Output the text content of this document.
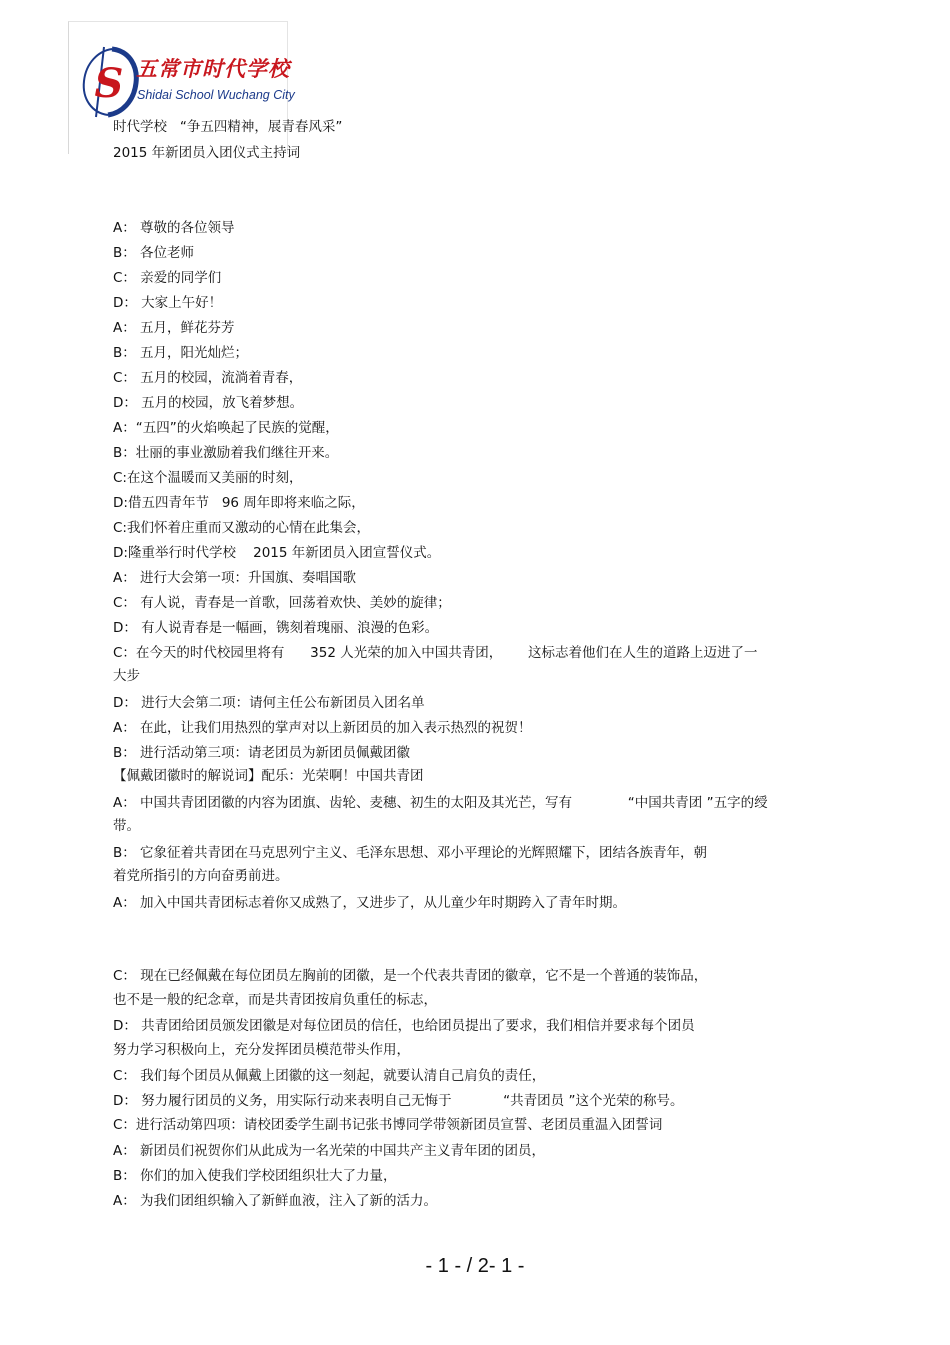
S 五常市时代学校
Shidai School Wuchang City
时代学校   “争五四精神，展青春风采”
2015 年新团员入团仪式主持词
A： 尊敬的各位领导
B： 各位老师
C： 亲爱的同学们
D： 大家上午好！
A： 五月，鲜花芬芳
B： 五月，阳光灿烂；
C： 五月的校园，流淌着青春，
D： 五月的校园，放飞着梦想。
A：“五四”的火焰唤起了民族的觉醒，
B：壮丽的事业激励着我们继往开来。
C:在这个温暖而又美丽的时刻，
D:借五四青年节   96 周年即将来临之际，
C:我们怀着庄重而又激动的心情在此集会，
D:隆重举行时代学校    2015 年新团员入团宣誓仪式。
A： 进行大会第一项：升国旗、奏唱国歌
C： 有人说，青春是一首歌，回荡着欢快、美妙的旋律；
D： 有人说青春是一幅画，镌刻着瑰丽、浪漫的色彩。
C：在今天的时代校园里将有      352 人光荣的加入中国共青团，      这标志着他们在人生的道路上迈进了一
大步
D： 进行大会第二项：请何主任公布新团员入团名单
A： 在此，让我们用热烈的掌声对以上新团员的加入表示热烈的祝贺！
B： 进行活动第三项：请老团员为新团员佩戴团徽
【佩戴团徽时的解说词】配乐：光荣啊！中国共青团
A： 中国共青团团徽的内容为团旗、齿轮、麦穗、初生的太阳及其光芒，写有             “中国共青团 ”五字的绶
带。
B： 它象征着共青团在马克思列宁主义、毛泽东思想、邓小平理论的光辉照耀下，团结各族青年，朝
着党所指引的方向奋勇前进。
A： 加入中国共青团标志着你又成熟了，又进步了，从儿童少年时期跨入了青年时期。
C： 现在已经佩戴在每位团员左胸前的团徽，是一个代表共青团的徽章，它不是一个普通的装饰品，
也不是一般的纪念章，而是共青团按肩负重任的标志，
D： 共青团给团员颁发团徽是对每位团员的信任，也给团员提出了要求，我们相信并要求每个团员
努力学习积极向上，充分发挥团员模范带头作用，
C： 我们每个团员从佩戴上团徽的这一刻起，就要认清自己肩负的责任，
D： 努力履行团员的义务，用实际行动来表明自己无悔于            “共青团员 ”这个光荣的称号。
C：进行活动第四项：请校团委学生副书记张书博同学带领新团员宣誓、老团员重温入团誓词
A： 新团员们祝贺你们从此成为一名光荣的中国共产主义青年团的团员，
B： 你们的加入使我们学校团组织壮大了力量，
A： 为我们团组织输入了新鲜血液，注入了新的活力。
- 1 - / 2- 1 -
